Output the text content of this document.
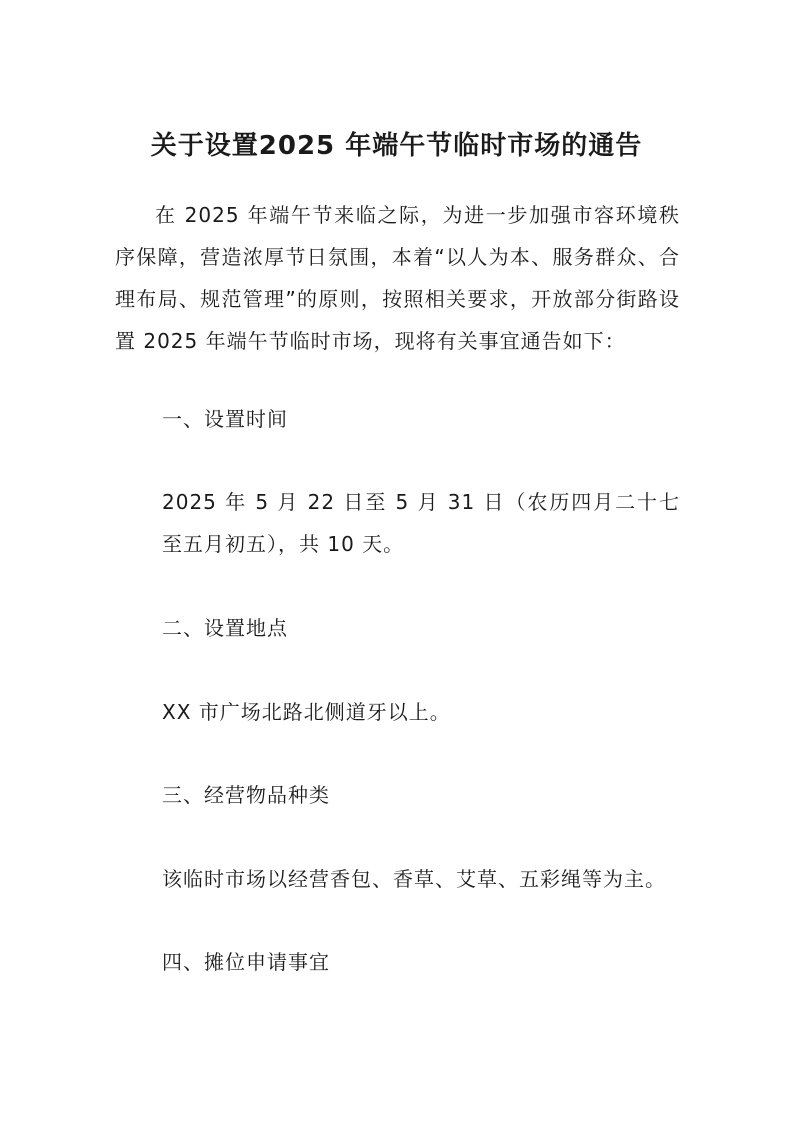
关于设置2025 年端午节临时市场的通告
在 2025 年端午节来临之际，为进一步加强市容环境秩序保障，营造浓厚节日氛围，本着“以人为本、服务群众、合理布局、规范管理”的原则，按照相关要求，开放部分街路设置 2025 年端午节临时市场，现将有关事宜通告如下：
一、设置时间
2025 年 5 月 22 日至 5 月 31 日（农历四月二十七至五月初五），共 10 天。
二、设置地点
XX 市广场北路北侧道牙以上。
三、经营物品种类
该临时市场以经营香包、香草、艾草、五彩绳等为主。
四、摊位申请事宜
